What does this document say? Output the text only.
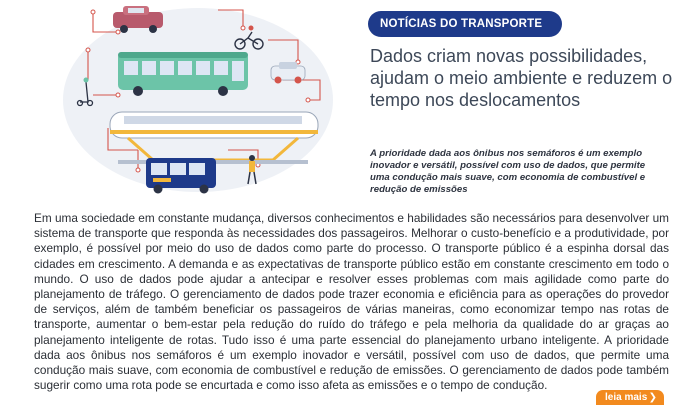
NOTÍCIAS DO TRANSPORTE
Dados criam novas possibilidades, ajudam o meio ambiente e reduzem o tempo nos deslocamentos

A prioridade dada aos ônibus nos semáforos é um exemplo inovador e versátil, possível com uso de dados, que permite uma condução mais suave, com economia de combustível e redução de emissões

Em uma sociedade em constante mudança, diversos conhecimentos e habilidades são necessários para desenvolver um sistema de transporte que responda às necessidades dos passageiros. Melhorar o custo-benefício e a produtividade, por exemplo, é possível por meio do uso de dados como parte do processo. O transporte público é a espinha dorsal das cidades em crescimento. A demanda e as expectativas de transporte público estão em constante crescimento em todo o mundo. O uso de dados pode ajudar a antecipar e resolver esses problemas com mais agilidade como parte do planejamento de tráfego. O gerenciamento de dados pode trazer economia e eficiência para as operações do provedor de serviços, além de também beneficiar os passageiros de várias maneiras, como economizar tempo nas rotas de transporte, aumentar o bem-estar pela redução do ruído do tráfego e pela melhoria da qualidade do ar graças ao planejamento inteligente de rotas. Tudo isso é uma parte essencial do planejamento urbano inteligente. A prioridade dada aos ônibus nos semáforos é um exemplo inovador e versátil, possível com uso de dados, que permite uma condução mais suave, com economia de combustível e redução de emissões. O gerenciamento de dados pode também sugerir como uma rota pode se encurtada e como isso afeta as emissões e o tempo de condução.

leia mais ❯
